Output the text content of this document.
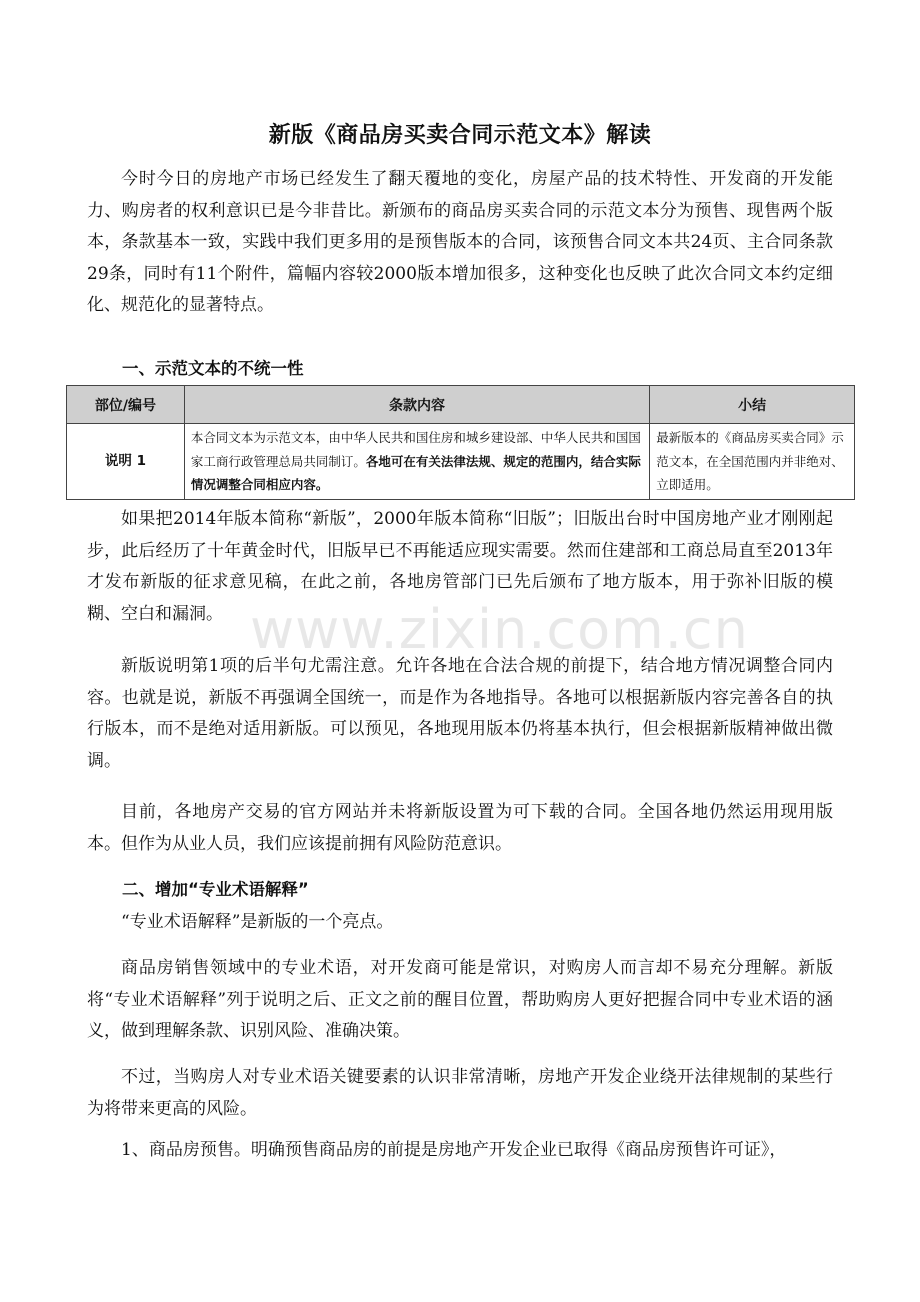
新版《商品房买卖合同示范文本》解读

今时今日的房地产市场已经发生了翻天覆地的变化，房屋产品的技术特性、开发商的开发能力、购房者的权利意识已是今非昔比。新颁布的商品房买卖合同的示范文本分为预售、现售两个版本，条款基本一致，实践中我们更多用的是预售版本的合同，该预售合同文本共24页、主合同条款29条，同时有11个附件，篇幅内容较2000版本增加很多，这种变化也反映了此次合同文本约定细化、规范化的显著特点。

一、示范文本的不统一性
部位/编号	条款内容	小结
说明 1	本合同文本为示范文本，由中华人民共和国住房和城乡建设部、中华人民共和国国家工商行政管理总局共同制订。各地可在有关法律法规、规定的范围内，结合实际情况调整合同相应内容。	最新版本的《商品房买卖合同》示范文本，在全国范围内并非绝对、立即适用。

如果把2014年版本简称“新版”，2000年版本简称“旧版”；旧版出台时中国房地产业才刚刚起步，此后经历了十年黄金时代，旧版早已不再能适应现实需要。然而住建部和工商总局直至2013年才发布新版的征求意见稿，在此之前，各地房管部门已先后颁布了地方版本，用于弥补旧版的模糊、空白和漏洞。

新版说明第1项的后半句尤需注意。允许各地在合法合规的前提下，结合地方情况调整合同内容。也就是说，新版不再强调全国统一，而是作为各地指导。各地可以根据新版内容完善各自的执行版本，而不是绝对适用新版。可以预见，各地现用版本仍将基本执行，但会根据新版精神做出微调。

目前，各地房产交易的官方网站并未将新版设置为可下载的合同。全国各地仍然运用现用版本。但作为从业人员，我们应该提前拥有风险防范意识。

二、增加“专业术语解释”

“专业术语解释”是新版的一个亮点。

商品房销售领域中的专业术语，对开发商可能是常识，对购房人而言却不易充分理解。新版将“专业术语解释”列于说明之后、正文之前的醒目位置，帮助购房人更好把握合同中专业术语的涵义，做到理解条款、识别风险、准确决策。

不过，当购房人对专业术语关键要素的认识非常清晰，房地产开发企业绕开法律规制的某些行为将带来更高的风险。

1、商品房预售。明确预售商品房的前提是房地产开发企业已取得《商品房预售许可证》，

www.zixin.com.cn
